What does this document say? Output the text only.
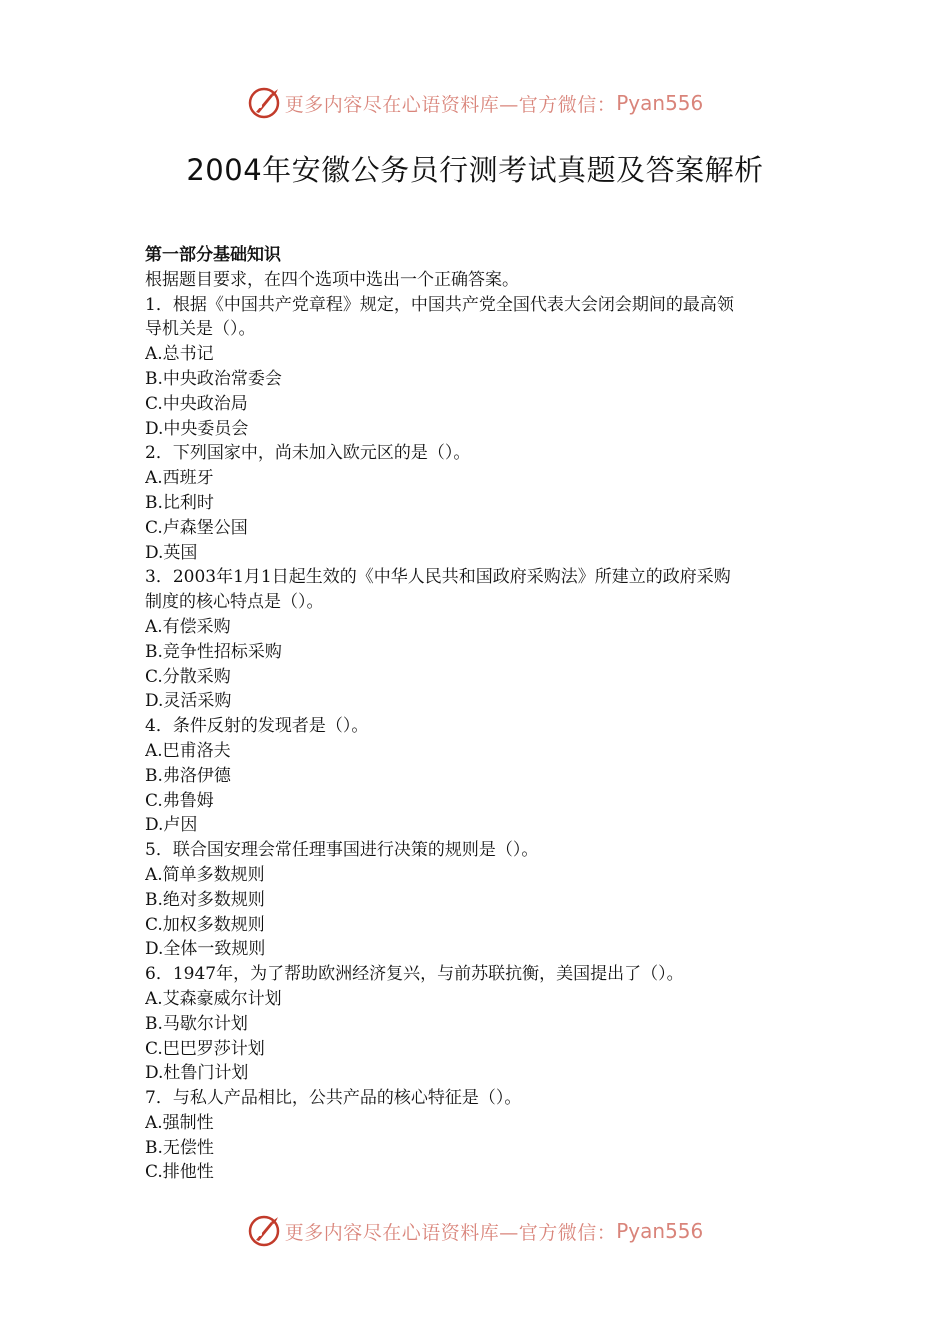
更多内容尽在心语资料库—官方微信： Pyan556
2004年安徽公务员行测考试真题及答案解析
第一部分基础知识
根据题目要求，在四个选项中选出一个正确答案。
1．根据《中国共产党章程》规定，中国共产党全国代表大会闭会期间的最高领
导机关是（）。
A.总书记
B.中央政治常委会
C.中央政治局
D.中央委员会
2．下列国家中，尚未加入欧元区的是（）。
A.西班牙
B.比利时
C.卢森堡公国
D.英国
3．2003年1月1日起生效的《中华人民共和国政府采购法》所建立的政府采购
制度的核心特点是（）。
A.有偿采购
B.竞争性招标采购
C.分散采购
D.灵活采购
4．条件反射的发现者是（）。
A.巴甫洛夫
B.弗洛伊德
C.弗鲁姆
D.卢因
5．联合国安理会常任理事国进行决策的规则是（）。
A.简单多数规则
B.绝对多数规则
C.加权多数规则
D.全体一致规则
6．1947年，为了帮助欧洲经济复兴，与前苏联抗衡，美国提出了（）。
A.艾森豪威尔计划
B.马歇尔计划
C.巴巴罗莎计划
D.杜鲁门计划
7．与私人产品相比，公共产品的核心特征是（）。
A.强制性
B.无偿性
C.排他性
更多内容尽在心语资料库—官方微信： Pyan556
